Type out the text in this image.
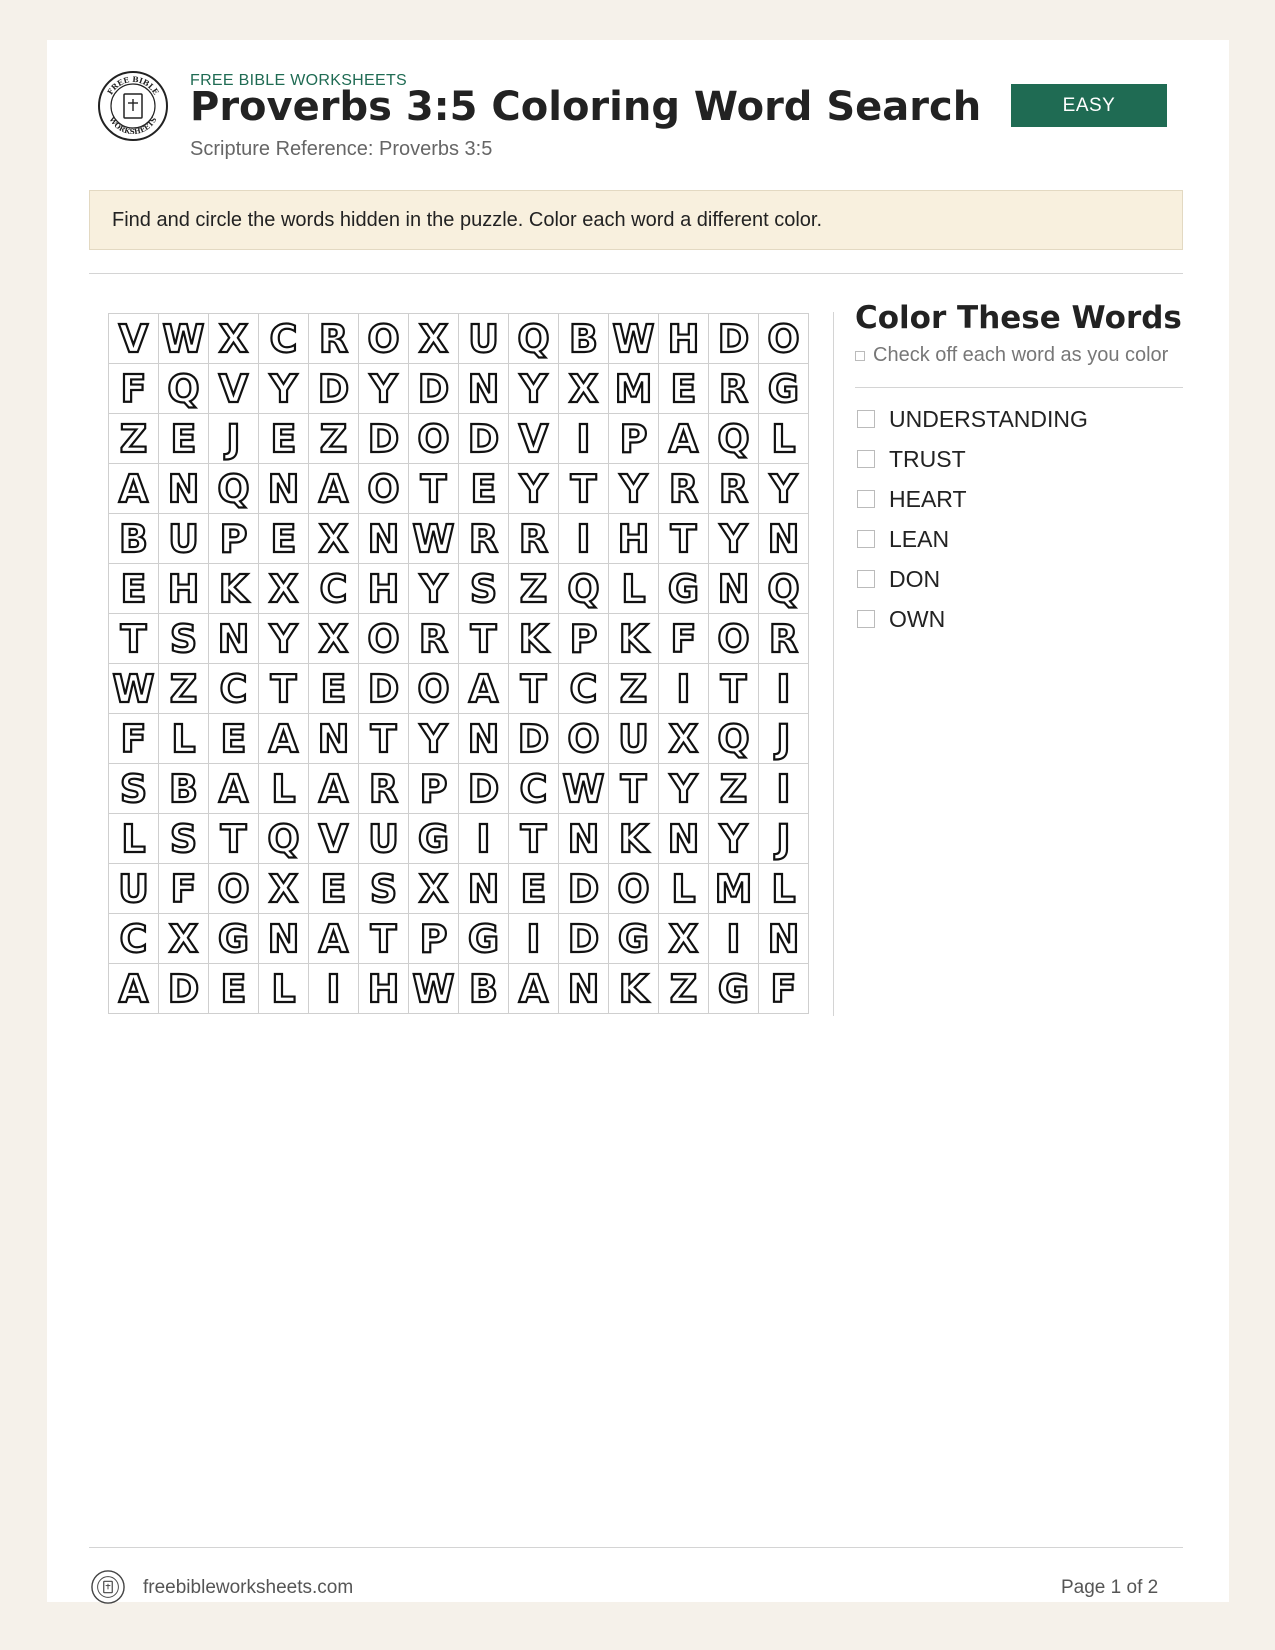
FREE BIBLE
WORKSHEETS
FREE BIBLE WORKSHEETS
Proverbs 3:5 Coloring Word Search
Scripture Reference: Proverbs 3:5
EASY
Find and circle the words hidden in the puzzle. Color each word a different color.
V W X C R O X U Q B W H D O
F Q V Y D Y D N Y X M E R G
Z E J E Z D O D V I P A Q L
A N Q N A O T E Y T Y R R Y
B U P E X N W R R I H T Y N
E H K X C H Y S Z Q L G N Q
T S N Y X O R T K P K F O R
W Z C T E D O A T C Z I T I
F L E A N T Y N D O U X Q J
S B A L A R P D C W T Y Z I
L S T Q V U G I T N K N Y J
U F O X E S X N E D O L M L
C X G N A T P G I D G X I N
A D E L I H W B A N K Z G F
Color These Words
Check off each word as you color
UNDERSTANDING
TRUST
HEART
LEAN
DON
OWN
freebibleworksheets.com	Page 1 of 2
